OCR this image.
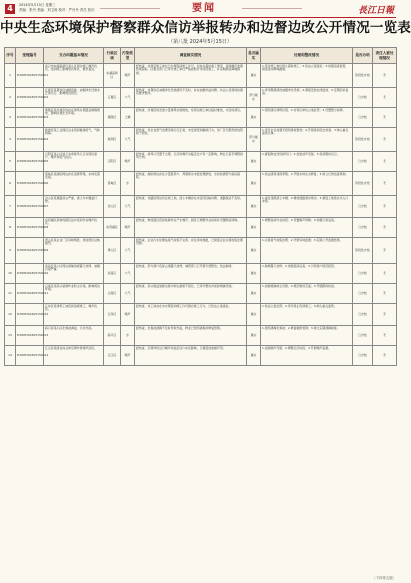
4	2024年5月15日 星期三
责编：张丹 美编：刘卫涛 校对：严丹丹 责任 张庆	要闻	長江日報
中央生态环境保护督察群众信访举报转办和边督边改公开情况一览表
（第八批 2024年5月15日）
序号	受理编号	交办问题基本情况	行政区域	污染类型	调查核实情况	是否属实	处理和整改情况	是否办结	责任人被处理情况
1	D3WH202405150001	武汉市东湖高新区某小区周边施工噪声扰民，夜间施工影响居民休息，要求查处。	东湖高新区	噪声	经核查，该项目施工单位已办理夜间施工许可，但存在超时施工情况，现场噪声监测结果超标。区相关部门已责令施工单位严格按照许可时段施工，并采取隔音降噪措施。	属实	1.责令施工单位停止超时施工；2.依法立案查处；3.加强巡查监管，督促落实降噪措施。	阶段性办结	无
2	D3WH202405150002	江夏区某餐饮店油烟直排，油烟净化设施未正常运行，影响周边居民。	江夏区	大气	经核查，该餐饮店油烟净化设施清洗不及时，存在油烟外溢问题，执法人员现场检测后要求整改。	部分属实	1.责令限期清洗油烟净化设施；2.督促安装在线监控；3.定期回访复查。	已办结	无
3	D3WH202405150003	黄陂区某河道沿线存在建筑垃圾随意倾倒现象，影响河道生态环境。	黄陂区	土壤	经核查，河道沿线发现少量建筑垃圾堆放，系周边施工单位临时堆放，未及时清运。	属实	1.组织清运建筑垃圾；2.对责任单位立案处罚；3.设置警示标牌。	已办结	无
4	D3WH202405150004	新洲区某工业园区企业夜间偷排废气，气味刺鼻。	新洲区	大气	经核查，该企业废气治理设施运行正常，未发现夜间偷排行为，但厂区无组织排放管控不到位。	部分属实	1.责令企业加强无组织排放管控；2.开展夜间突击检查；3.纳入重点监管名单。	阶段性办结	无
5	D3WH202405150005	汉阳区某小区地下车库排风口正对居民窗户，噪声和废气扰民。	汉阳区	噪声	经核查，排风口设置不合理，运行时噪声对临近住户有一定影响，物业已着手调整排风方向。	属实	1.督促物业改造排风口；2.加装消声设备；3.夜间限时运行。	已办结	无
6	D3WH202405150006	蔡甸区某湖泊周边存在违规养殖，水体发黑发臭。	蔡甸区	水	经核查，湖泊周边存在少量散养户，养殖尾水未经处理排放，水质检测部分指标超标。	属实	1.依法清退违规养殖；2.开展水体生态修复；3.建立长效巡查机制。	阶段性办结	无
7	D3WH202405150007	洪山区某道路扬尘严重，渣土车未覆盖行驶。	洪山区	大气	经核查，该路段周边有在建工地，渣土车辆存在未密闭运输问题，道路保洁不及时。	属实	1.查处违规渣土车辆；2.增加道路洒水频次；3.督促工地落实出入口冲洗。	已办结	无
8	D3WH202405150008	东西湖区某物流园区货车夜间作业噪声扰民。	东西湖区	噪声	经核查，物流园区夜间装卸作业产生噪声，园区已调整作业时间并设置隔音屏障。	属实	1.调整夜间作业时段；2.设置隔声屏障；3.加强日常巡查。	已办结	无
9	D3WH202405150009	青山区某企业厂区异味明显，周边居民反映强烈。	青山区	大气	经核查，企业污水处理站臭气收集不完善，存在异味逸散，已督促企业完善收集处理设施。	属实	1.完善臭气收集处理；2.开展异味监测；3.定期公开监测结果。	阶段性办结	无
10	D3WH202405150010	武昌区某小区周边商铺违规露天烧烤，油烟污染严重。	武昌区	大气	经核查，部分商户夜间占道露天烧烤，城管部门已开展专项整治，依法取缔。	属实	1.取缔露天烧烤；2.加强夜间巡查；3.引导商户规范经营。	已办结	无
11	D3WH202405150011	汉南区某码头装卸作业粉尘污染，影响周边环境。	汉南区	大气	经核查，码头散货装卸过程中抑尘措施不到位，已责令整改并加装喷淋设施。	属实	1.加装喷淋抑尘设施；2.规范堆场苫盖；3.开展跟踪检查。	已办结	无
12	D3WH202405150012	江岸区某建筑工地夜间违规施工，噪声扰民。	江岸区	噪声	经核查，该工地存在未办理夜间施工许可擅自施工行为，已依法立案查处。	属实	1.依法立案处罚；2.责令停止夜间施工；3.纳入重点监管。	已办结	无
13	D3WH202405150013	硚口区某小区化粪池满溢，污水外流。	硚口区	水	经核查，化粪池清掏不及时导致外溢，物业已组织清掏并修复管网。	属实	1.组织清掏化粪池；2.修复破损管网；3.建立定期清掏制度。	已办结	无
14	D3WH202405150014	江汉区某商业综合体空调外机噪声扰民。	江汉区	噪声	经核查，空调外机运行噪声对临近住户存在影响，已督促加装隔声罩。	属实	1.加装隔声设施；2.调整运行时段；3.开展噪声复测。	已办结	无
（下转第五版）
